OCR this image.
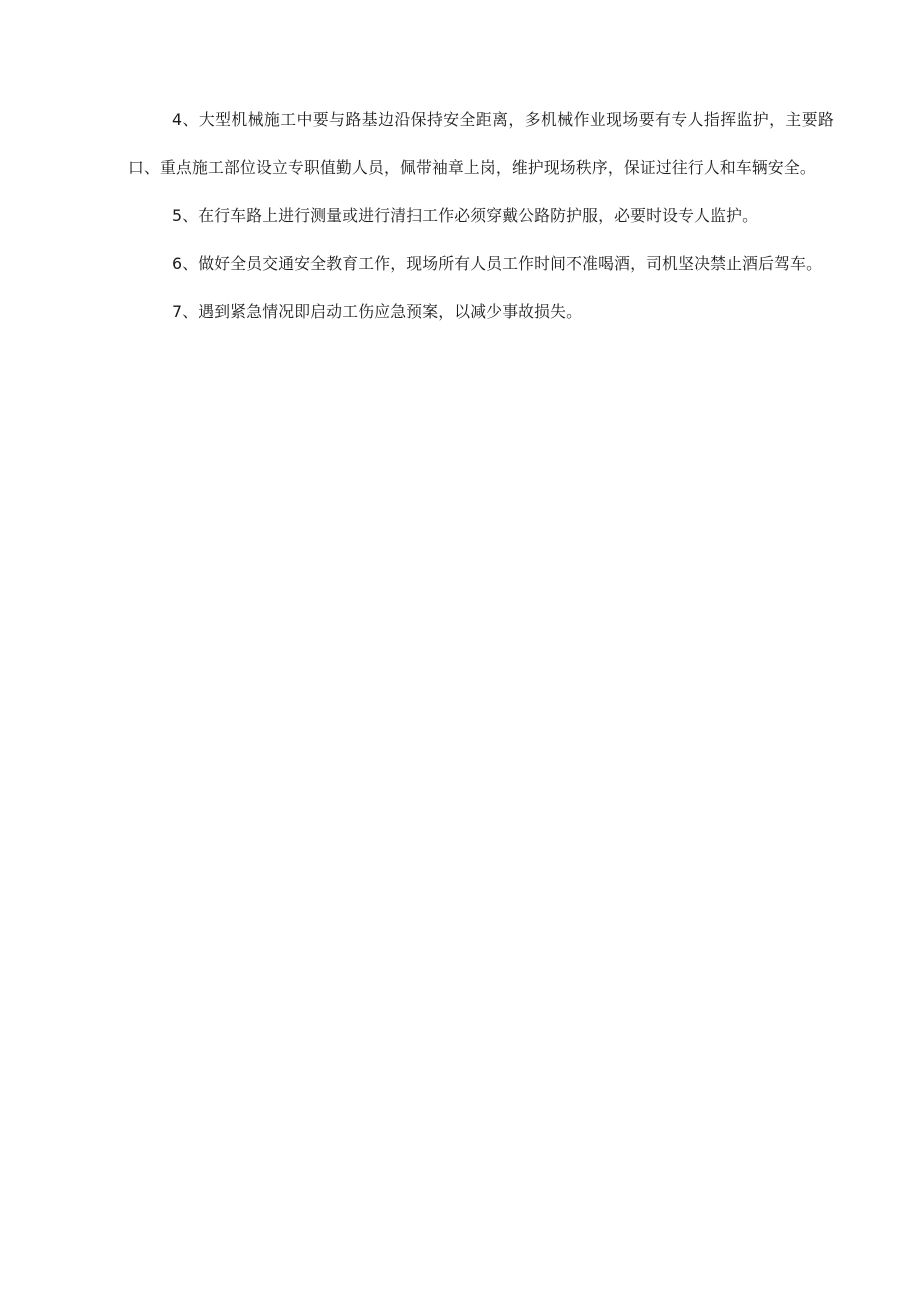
4、大型机械施工中要与路基边沿保持安全距离，多机械作业现场要有专人指挥监护，主要路口、重点施工部位设立专职值勤人员，佩带袖章上岗，维护现场秩序，保证过往行人和车辆安全。

5、在行车路上进行测量或进行清扫工作必须穿戴公路防护服，必要时设专人监护。

6、做好全员交通安全教育工作，现场所有人员工作时间不准喝酒，司机坚决禁止酒后驾车。

7、遇到紧急情况即启动工伤应急预案，以减少事故损失。
